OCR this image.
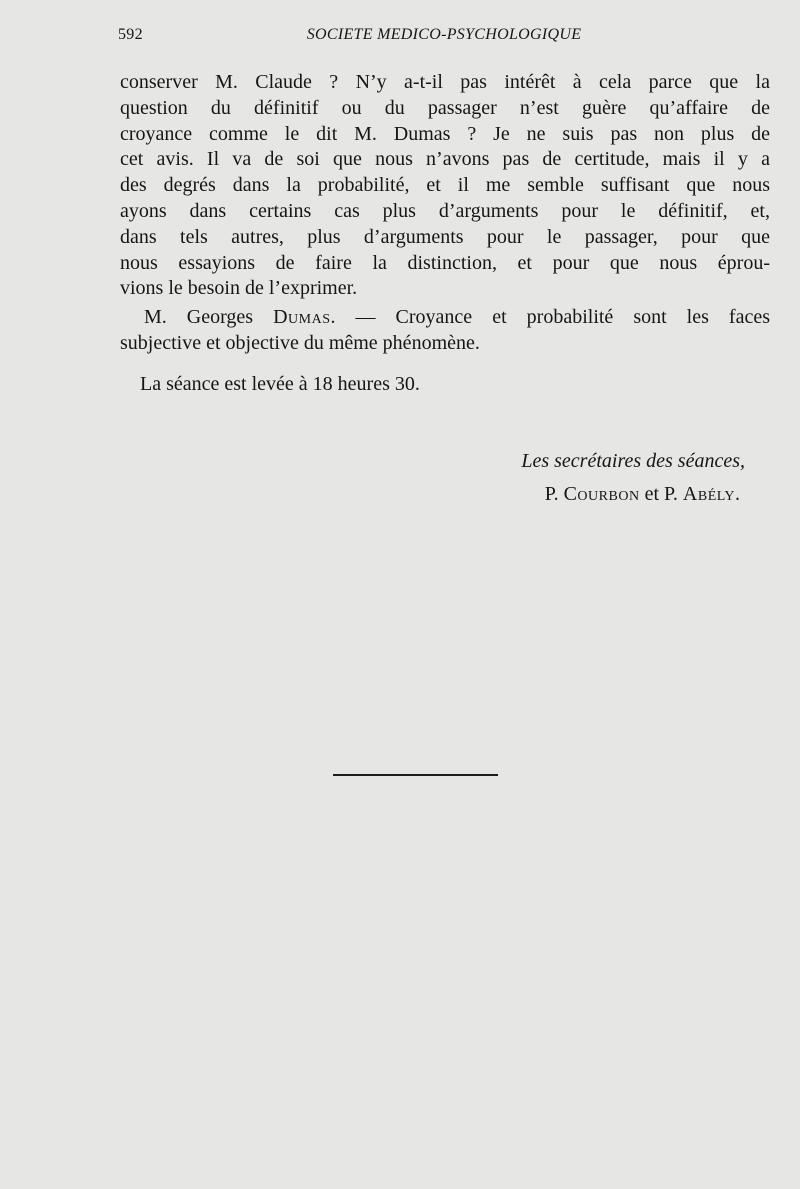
592	SOCIETE MEDICO-PSYCHOLOGIQUE
conserver M. Claude ? N’y a-t-il pas intérêt à cela parce que la
question du définitif ou du passager n’est guère qu’affaire de
croyance comme le dit M. Dumas ? Je ne suis pas non plus de
cet avis. Il va de soi que nous n’avons pas de certitude, mais il y a
des degrés dans la probabilité, et il me semble suffisant que nous
ayons dans certains cas plus d’arguments pour le définitif, et,
dans tels autres, plus d’arguments pour le passager, pour que
nous essayions de faire la distinction, et pour que nous éprou-
vions le besoin de l’exprimer.
M. Georges Dumas. — Croyance et probabilité sont les faces
subjective et objective du même phénomène.
La séance est levée à 18 heures 30.
Les secrétaires des séances,
P. Courbon et P. Abély.
